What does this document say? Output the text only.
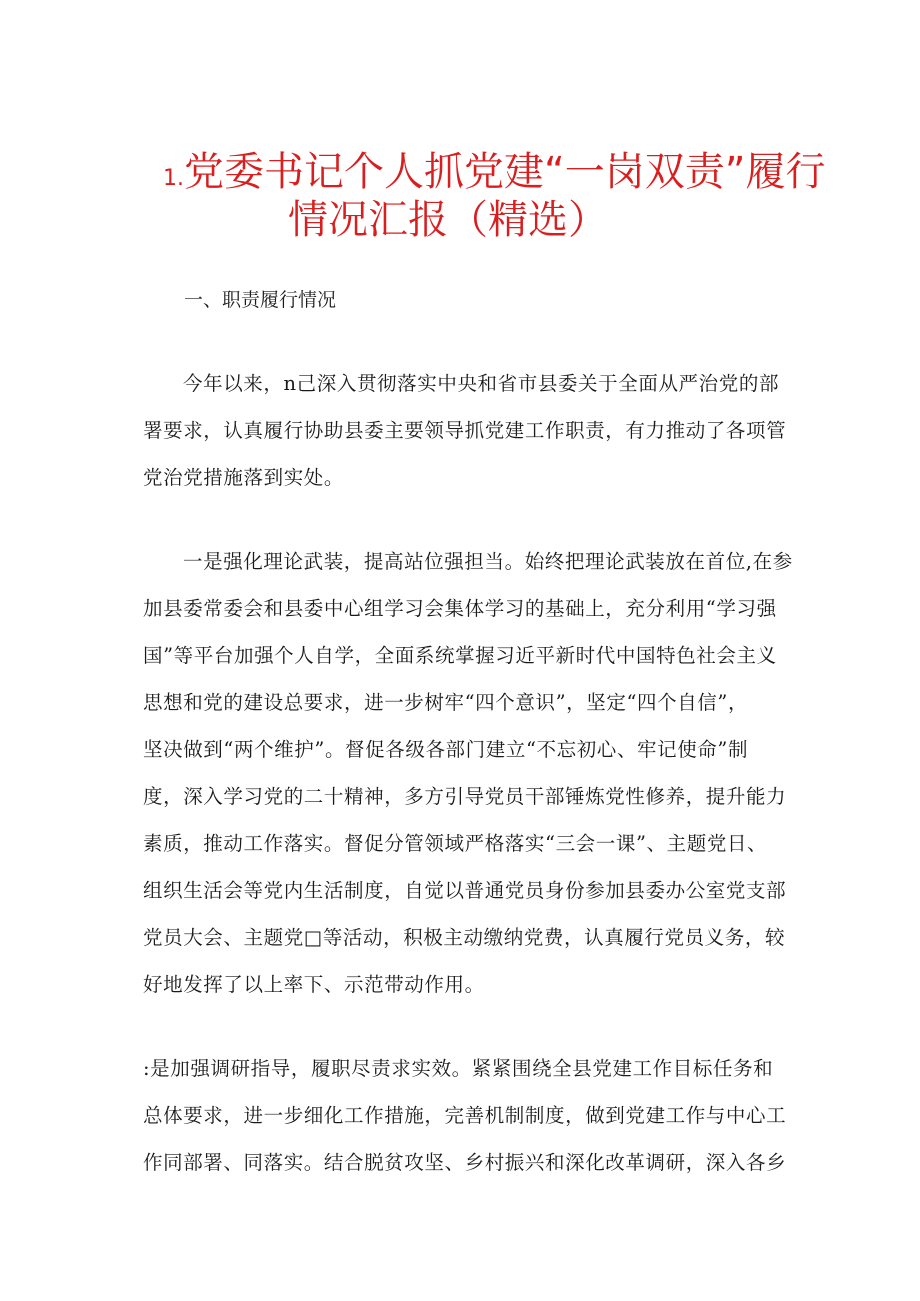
1.党委书记个人抓党建“一岗双责”履行
情况汇报（精选）
一、职责履行情况
今年以来，n己深入贯彻落实中央和省市县委关于全面从严治党的部
署要求，认真履行协助县委主要领导抓党建工作职责，有力推动了各项管
党治党措施落到实处。
一是强化理论武装，提高站位强担当。始终把理论武装放在首位,在参
加县委常委会和县委中心组学习会集体学习的基础上，充分利用“学习强
国”等平台加强个人自学，全面系统掌握习近平新时代中国特色社会主义
思想和党的建设总要求，进一步树牢“四个意识”，坚定“四个自信”，
坚决做到“两个维护”。督促各级各部门建立“不忘初心、牢记使命”制
度，深入学习党的二十精神，多方引导党员干部锤炼党性修养，提升能力
素质，推动工作落实。督促分管领域严格落实“三会一课”、主题党日、
组织生活会等党内生活制度，自觉以普通党员身份参加县委办公室党支部
党员大会、主题党□等活动，积极主动缴纳党费，认真履行党员义务，较
好地发挥了以上率下、示范带动作用。
:是加强调研指导，履职尽责求实效。紧紧围绕全县党建工作目标任务和
总体要求，进一步细化工作措施，完善机制制度，做到党建工作与中心工
作同部署、同落实。结合脱贫攻坚、乡村振兴和深化改革调研，深入各乡
